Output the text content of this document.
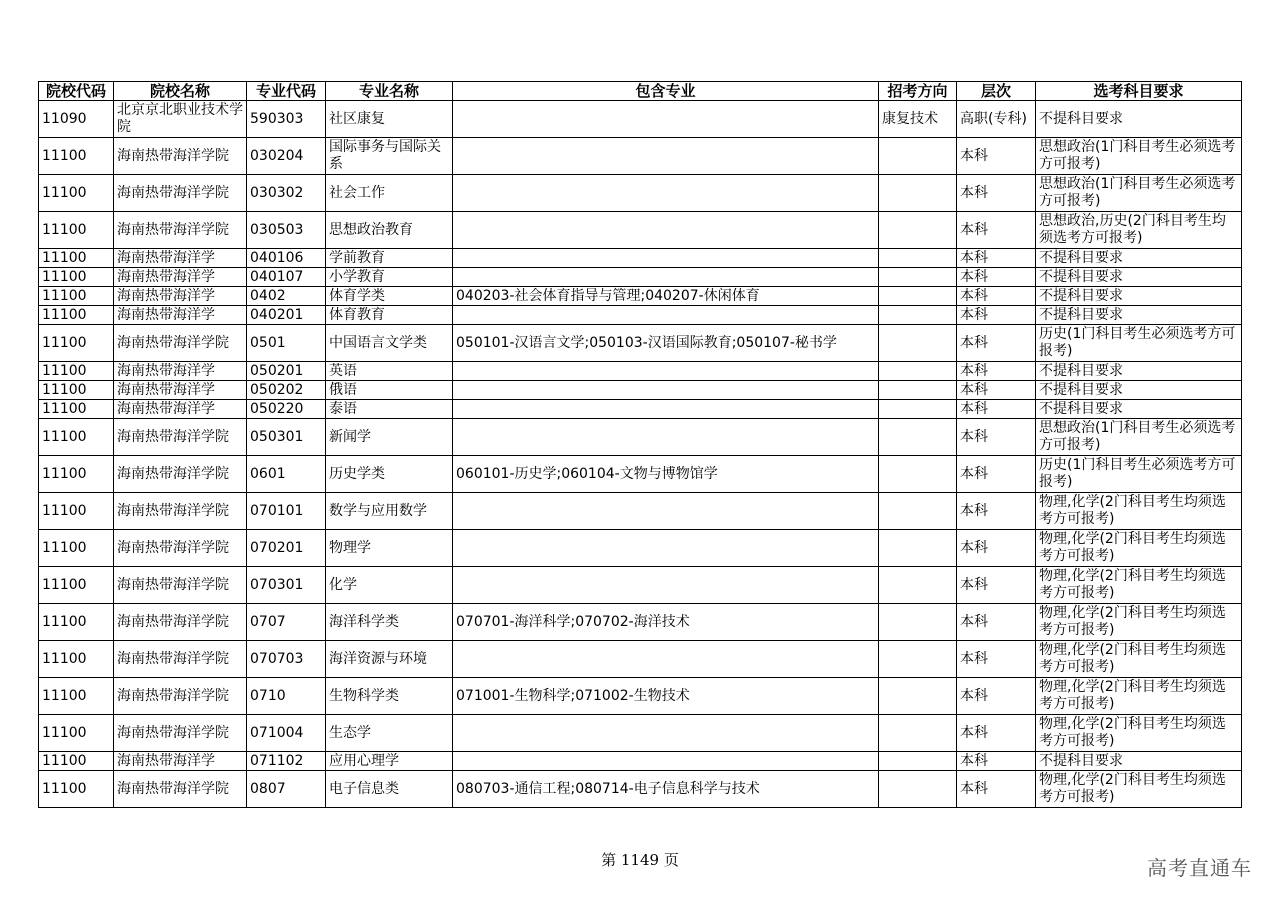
院校代码	院校名称	专业代码	专业名称	包含专业	招考方向	层次	选考科目要求
11090	北京京北职业技术学院	590303	社区康复		康复技术	高职(专科)	不提科目要求
11100	海南热带海洋学院	030204	国际事务与国际关系			本科	思想政治(1门科目考生必须选考方可报考)
11100	海南热带海洋学院	030302	社会工作			本科	思想政治(1门科目考生必须选考方可报考)
11100	海南热带海洋学院	030503	思想政治教育			本科	思想政治,历史(2门科目考生均须选考方可报考)
11100	海南热带海洋学	040106	学前教育			本科	不提科目要求
11100	海南热带海洋学	040107	小学教育			本科	不提科目要求
11100	海南热带海洋学	0402	体育学类	040203-社会体育指导与管理;040207-休闲体育		本科	不提科目要求
11100	海南热带海洋学	040201	体育教育			本科	不提科目要求
11100	海南热带海洋学院	0501	中国语言文学类	050101-汉语言文学;050103-汉语国际教育;050107-秘书学		本科	历史(1门科目考生必须选考方可报考)
11100	海南热带海洋学	050201	英语			本科	不提科目要求
11100	海南热带海洋学	050202	俄语			本科	不提科目要求
11100	海南热带海洋学	050220	泰语			本科	不提科目要求
11100	海南热带海洋学院	050301	新闻学			本科	思想政治(1门科目考生必须选考方可报考)
11100	海南热带海洋学院	0601	历史学类	060101-历史学;060104-文物与博物馆学		本科	历史(1门科目考生必须选考方可报考)
11100	海南热带海洋学院	070101	数学与应用数学			本科	物理,化学(2门科目考生均须选考方可报考)
11100	海南热带海洋学院	070201	物理学			本科	物理,化学(2门科目考生均须选考方可报考)
11100	海南热带海洋学院	070301	化学			本科	物理,化学(2门科目考生均须选考方可报考)
11100	海南热带海洋学院	0707	海洋科学类	070701-海洋科学;070702-海洋技术		本科	物理,化学(2门科目考生均须选考方可报考)
11100	海南热带海洋学院	070703	海洋资源与环境			本科	物理,化学(2门科目考生均须选考方可报考)
11100	海南热带海洋学院	0710	生物科学类	071001-生物科学;071002-生物技术		本科	物理,化学(2门科目考生均须选考方可报考)
11100	海南热带海洋学院	071004	生态学			本科	物理,化学(2门科目考生均须选考方可报考)
11100	海南热带海洋学	071102	应用心理学			本科	不提科目要求
11100	海南热带海洋学院	0807	电子信息类	080703-通信工程;080714-电子信息科学与技术		本科	物理,化学(2门科目考生均须选考方可报考)
第 1149 页	高考直通车
